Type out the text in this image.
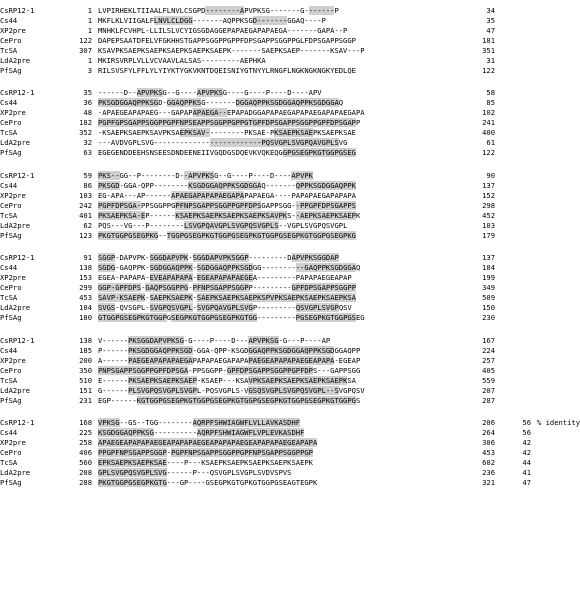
CsRP12-1	1 LVPIRHEKLTIIAALFLNVLCSGPD--------APVPKSG-------G-------P	34
Cs44	1 MKFLKLVIIGALFLNVLCLDGG-------AQPPKSGD-------GGAQ----P	35
XP2pre	1 MNHKLFCVHPL-LLILSLVCYIGSGDAGGEPAPAEGAPAPAEGA-------GAPA--P	47
CePro	122 DAPEPSAATDFELVFGKHHSTGAPPSGGPPGPPFDPSGAPPSGGPPGLFDPSGAPPSGGP	181
TcSA	307 KSAVPKSAEPKSAEPKSAEPKSAEPKSAEPK-------SAEPKSAEP-------KSAV---P	351
LdA2pre	1 MKIRSVRPLVLLVCVAAVLALSAS---------AEPHKA	31
PfSAg	3 RILSVSFYLFFLYLYIYKTYGKVKNTDQEISNIYGTNYYLRNGFLNGKNGKNGKYEDLQE	122
CsRP12-1	35 ------D--APVPKSG--G----APVPKSG----G----P----D----APV	58
Cs44	36 PKSGDGGAQPPKSGD-GGAQPPKSG-------DGGAQPPKSGDGGAQPPKSGDGGAQ	85
XP2pre	48 -APAEGEAPAPAEG---GAPAPAPAEGA--EPAPADGGAPAPAEGAPAPAEGAPAPAEGAPA	102
CePro	182 PGPFGPSGAPPSGGPPGPFNPSEAPPSGGPPGPPGTGPFDPSGAPPSGGPPGPFDPSGAPP	241
TcSA	352 -KSAEPKSAEPKSAVPKSAEPKSAV---------PKSAE-PKSAEPKSAEPKSAEPKSAE	400
LdA2pre	32 ---AVDVGPLSVG-------------------------PQSVGPLSVGPQAVGPLSVG	61
PfSAg	63 EGEGENDDEEHSNSEESDNDEENEIIVGQDGSDQEVKVQKEQGGPGSEGPKGTGGPGSEG	122
CsRP12-1	59 PKS--GG--P--------D--APVPKSG--G----P----D----APVPK	90
Cs44	86 PKSGD-GGA-QPP--------KSGDGGAQPPKSGDGGAQ-------QPPKSGDGGAQPPK	137
XP2pre	103 EG-APA---AP------APAEGAPAPAPAEGAPAPAPAEGA----PAPAPAEGAPAPAPA	152
CePro	242 PGPFDPSGA-PPSGGPPGPFNPSGAPPSGGPPGPFDPSGAPPSGG--PPGPFDPSGAPPS	298
TcSA	401 PKSAEPKSA-EP------KSAEPKSAEPKSAEPKSAEPKSAVPKS--AEPKSAEPKSAEPK	452
LdA2pre	62 PQS---VG---P--------LSVGPQAVGPLSVGPQSVGPLS--VGPLSVGPQSVGPL	103
PfSAg	123 PKGTGGPGSEGPKG--TGGPGSEGPKGTGGPGSEGPKGTGGPGSEGPKGTGGPGSEGPKG	179
CsRP12-1	91 SGGP-DAPVPK-SGGDAPVPK-SGGDAPVPKSGGP---------DAPVPKSGGDAP	137
Cs44	138 SGDG-GAQPPK-SGDGGAQPPK-SGDGGAQPPKSGDGG----------GAQPPKSGDGGAQ	184
XP2pre	153 EGEA-PAPAPA-EVEAPAPAPA-EGEAPAPAPAEGEA---------PAPAPAEGEAPAP	199
CePro	299 GGP-GPFDPS-GAQPSGGPPG-PFNPSGAPPSGGPP---------GPFDPSGAPPSGGPP	349
TcSA	453 SAVP-KSAEPK-SAEPKSAEPK-SAEPKSAEPKSAEPKSPVPKSAEPKSAEPKSAEPKSA	509
LdA2pre	104 SVGS-QVSGPL-SVGPQSVGPL-SVGPQAVGPLSVGP---------QSVGPLSVGPQSV	150
PfSAg	180 GTGGPGSEGPKGTGGPGSEGPKGTGGPGSEGPKGTGG---------PGSEGPKGTGGPGSEG	230
CsRP12-1	138 V------PKSGGDAPVPKSG-G----P----D---APVPKSG-G---P----AP	167
Cs44	185 P------PKSGDGGAQPPKSGD-GGA-QPP-KSGDGGAQPPKSGDGGAQPPKSGDGGAQPP	224
XP2pre	200 A------PAEGEAPAPAPAEGAPAPAPAEGAPAPAPAEGEAPAPAPAEGEAPAPA-EGEAP	257
CePro	350 PNPSGAPPSGGPPGPFDPSGA-PPSGGPP-GPFDPSGAPPSGGPPGPFDPS---GAPPSGG	405
TcSA	510 E------PKSAEPKSAEPKSAEP-KSAEP---KSAVPKSAEPKSAEPKSAEPKSAEPKSA	559
LdA2pre	151 G------PLSVGPQSVGPLSVGPL-PQSVGPLS-VGSQSVGPLSVGPQSVGPL--SVGPQSV	207
PfSAg	231 EGP------KGTGGPGSEGPKGTGGPGSEGPKGTGGPGSEGPKGTGGPGSEGPKGTGGPGS	287
CsRP12-1	168 VPKSG--GS--TGG--------AQRPFSHWIAGWFLVLLAVKASDHF	206	56 % identity
Cs44	225 KSGDGGAQPPKSG----------AQRPFSHWIAGWFLVPLEVKASDHF	264	56
XP2pre	258 APAEGEAPAPAPAEGEAPAPAPAEGEAPAPAPAEGEAPAPAPAEGEAPAPA	306	42
CePro	406 PPGPFNPSGAPPSGGP-PGPFNPSGAPPSGGPPGPFNPSGAPPSGGPPGP	453	42
TcSA	560 EPKSAEPKSAEPKSAE----P---KSAEPKSAEPKSAEPKSAEPKSAEPK	602	44
LdA2pre	208 GPLSVGPQSVGPLSVG------P---QSVGPLSVGPLSVDVSPVS	236	41
PfSAg	288 PKGTGGPGSEGPKGTG---GP----GSEGPKGTGPKGTGGPGSEAGTEGPK	321	47
